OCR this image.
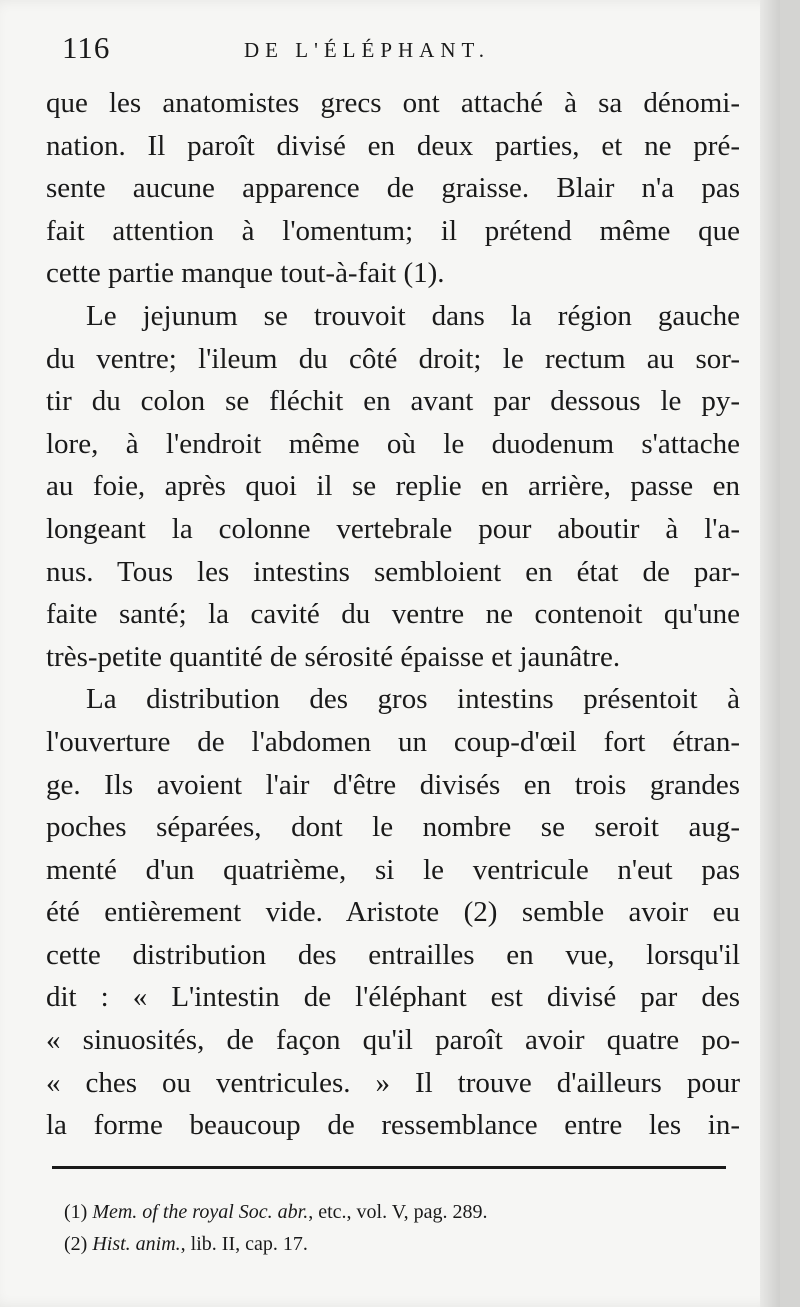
116	DE L'ÉLÉPHANT.
que les anatomistes grecs ont attaché à sa dénomi-
nation. Il paroît divisé en deux parties, et ne pré-
sente aucune apparence de graisse. Blair n'a pas
fait attention à l'omentum; il prétend même que
cette partie manque tout-à-fait (1).
Le jejunum se trouvoit dans la région gauche
du ventre; l'ileum du côté droit; le rectum au sor-
tir du colon se fléchit en avant par dessous le py-
lore, à l'endroit même où le duodenum s'attache
au foie, après quoi il se replie en arrière, passe en
longeant la colonne vertebrale pour aboutir à l'a-
nus. Tous les intestins sembloient en état de par-
faite santé; la cavité du ventre ne contenoit qu'une
très-petite quantité de sérosité épaisse et jaunâtre.
La distribution des gros intestins présentoit à
l'ouverture de l'abdomen un coup-d'œil fort étran-
ge. Ils avoient l'air d'être divisés en trois grandes
poches séparées, dont le nombre se seroit aug-
menté d'un quatrième, si le ventricule n'eut pas
été entièrement vide. Aristote (2) semble avoir eu
cette distribution des entrailles en vue, lorsqu'il
dit : « L'intestin de l'éléphant est divisé par des
« sinuosités, de façon qu'il paroît avoir quatre po-
« ches ou ventricules. » Il trouve d'ailleurs pour
la forme beaucoup de ressemblance entre les in-
(1) Mem. of the royal Soc. abr., etc., vol. V, pag. 289.
(2) Hist. anim., lib. II, cap. 17.
